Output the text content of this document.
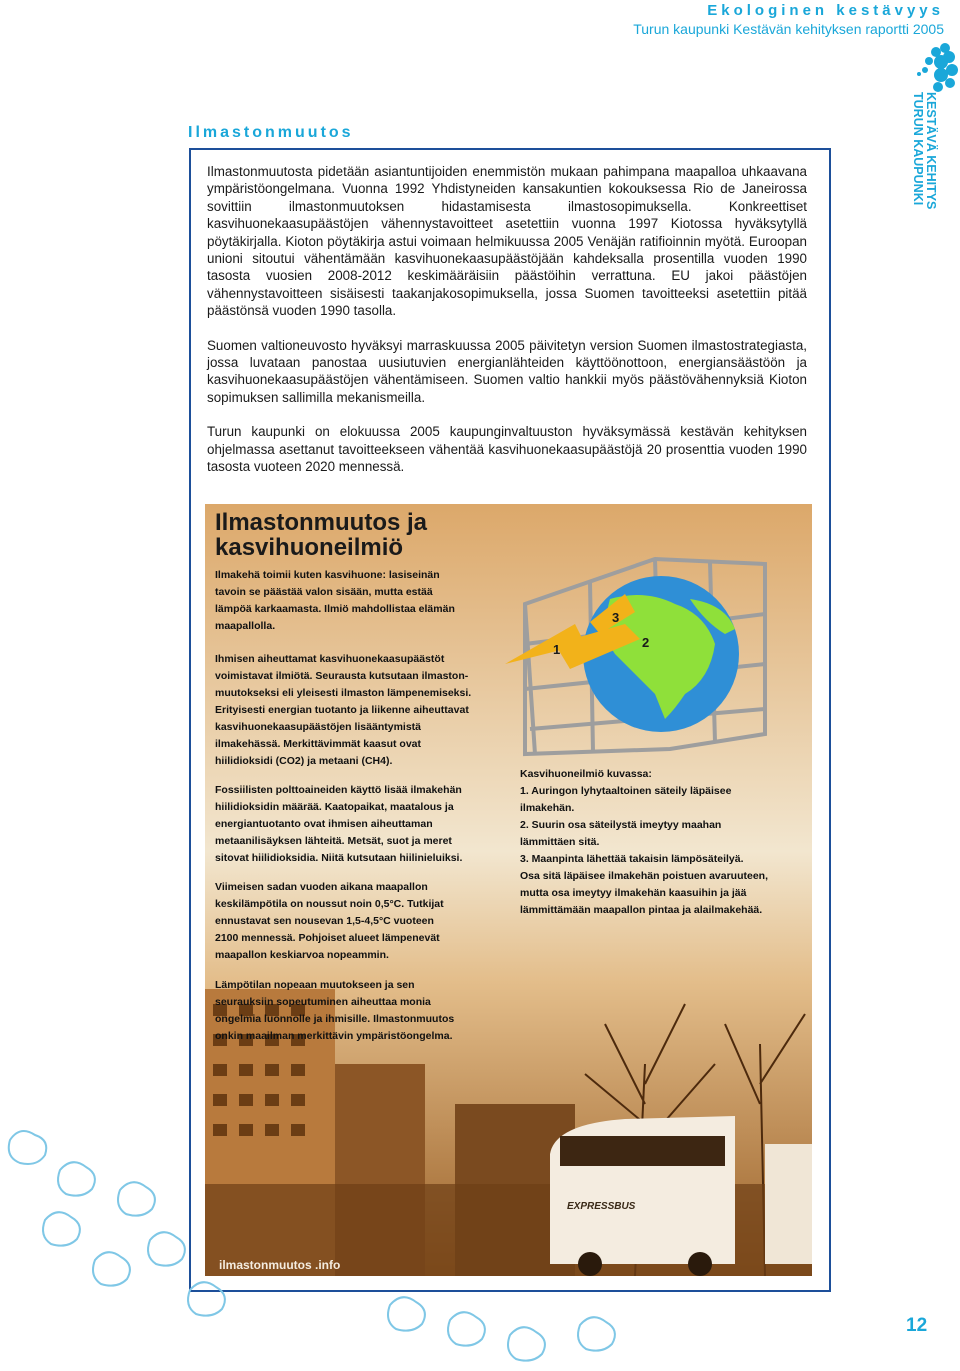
Ekologinen kestävyys
Turun kaupunki Kestävän kehityksen raportti 2005
KESTÄVÄ KEHITYS
TURUN KAUPUNKI
Ilmastonmuutos

Ilmastonmuutosta pidetään asiantuntijoiden enemmistön mukaan pahimpana maapalloa uhkaavana ympäristöongelmana. Vuonna 1992 Yhdistyneiden kansakuntien kokouksessa Rio de Janeirossa sovittiin ilmastonmuutoksen hidastamisesta ilmastosopimuksella. Konkreettiset kasvihuonekaasupäästöjen vähennystavoitteet asetettiin vuonna 1997 Kiotossa hyväksytyllä pöytäkirjalla. Kioton pöytäkirja astui voimaan helmikuussa 2005 Venäjän ratifioinnin myötä. Euroopan unioni sitoutui vähentämään kasvihuonekaasupäästöjään kahdeksalla prosentilla vuoden 1990 tasosta vuosien 2008-2012 keskimääräisiin päästöihin verrattuna. EU jakoi päästöjen vähennystavoitteen sisäisesti taakanjakosopimuksella, jossa Suomen tavoitteeksi asetettiin pitää päästönsä vuoden 1990 tasolla.

Suomen valtioneuvosto hyväksyi marraskuussa 2005 päivitetyn version Suomen ilmastostrategiasta, jossa luvataan panostaa uusiutuvien energianlähteiden käyttöönottoon, energiansäästöön ja kasvihuonekaasupäästöjen vähentämiseen. Suomen valtio hankkii myös päästövähennyksiä Kioton sopimuksen sallimilla mekanismeilla.

Turun kaupunki on elokuussa 2005 kaupunginvaltuuston hyväksymässä kestävän kehityksen ohjelmassa asettanut tavoitteekseen vähentää kasvihuonekaasupäästöjä 20 prosenttia vuoden 1990 tasosta vuoteen 2020 mennessä.

EXPRESSBUS
Ilmastonmuutos ja
kasvihuoneilmiö
1	2
3
Ilmakehä toimii kuten kasvihuone: lasiseinän
tavoin se päästää valon sisään, mutta estää
lämpöä karkaamasta. Ilmiö mahdollistaa elämän
maapallolla.
Ihmisen aiheuttamat kasvihuonekaasupäästöt
voimistavat ilmiötä. Seurausta kutsutaan ilmaston-
muutokseksi eli yleisesti ilmaston lämpenemiseksi.
Erityisesti energian tuotanto ja liikenne aiheuttavat
kasvihuonekaasupäästöjen lisääntymistä
ilmakehässä. Merkittävimmät kaasut ovat
hiilidioksidi (CO2) ja metaani (CH4).
Fossiilisten polttoaineiden käyttö lisää ilmakehän
hiilidioksidin määrää. Kaatopaikat, maatalous ja
energiantuotanto ovat ihmisen aiheuttaman
metaanilisäyksen lähteitä. Metsät, suot ja meret
sitovat hiilidioksidia. Niitä kutsutaan hiilinieluiksi.
Viimeisen sadan vuoden aikana maapallon
keskilämpötila on noussut noin 0,5°C. Tutkijat
ennustavat sen nousevan 1,5-4,5°C vuoteen
2100 mennessä. Pohjoiset alueet lämpenevät
maapallon keskiarvoa nopeammin.
Lämpötilan nopeaan muutokseen ja sen
seurauksiin sopeutuminen aiheuttaa monia
ongelmia luonnolle ja ihmisille. Ilmastonmuutos
onkin maailman merkittävin ympäristöongelma.
Kasvihuoneilmiö kuvassa:
1. Auringon lyhytaaltoinen säteily läpäisee
ilmakehän.
2. Suurin osa säteilystä imeytyy maahan
lämmittäen sitä.
3. Maanpinta lähettää takaisin lämpösäteilyä.
Osa sitä läpäisee ilmakehän poistuen avaruuteen,
mutta osa imeytyy ilmakehän kaasuihin ja jää
lämmittämään maapallon pintaa ja alailmakehää.
ilmastonmuutos .info
12
